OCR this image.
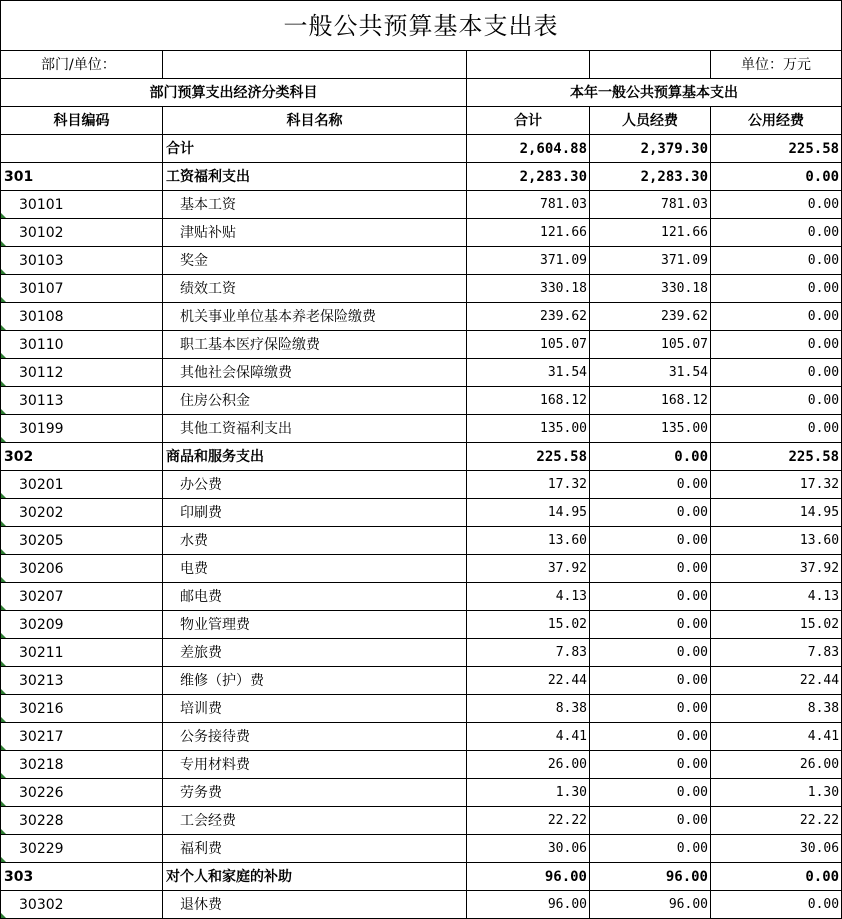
一般公共预算基本支出表				
部门/单位：				单位：万元
部门预算支出经济分类科目		本年一般公共预算基本支出		
科目编码	科目名称	合计	人员经费	公用经费
	合计	2,604.88	2,379.30	225.58
301	工资福利支出	2,283.30	2,283.30	0.00
30101	基本工资	781.03	781.03	0.00
30102	津贴补贴	121.66	121.66	0.00
30103	奖金	371.09	371.09	0.00
30107	绩效工资	330.18	330.18	0.00
30108	机关事业单位基本养老保险缴费	239.62	239.62	0.00
30110	职工基本医疗保险缴费	105.07	105.07	0.00
30112	其他社会保障缴费	31.54	31.54	0.00
30113	住房公积金	168.12	168.12	0.00
30199	其他工资福利支出	135.00	135.00	0.00
302	商品和服务支出	225.58	0.00	225.58
30201	办公费	17.32	0.00	17.32
30202	印刷费	14.95	0.00	14.95
30205	水费	13.60	0.00	13.60
30206	电费	37.92	0.00	37.92
30207	邮电费	4.13	0.00	4.13
30209	物业管理费	15.02	0.00	15.02
30211	差旅费	7.83	0.00	7.83
30213	维修（护）费	22.44	0.00	22.44
30216	培训费	8.38	0.00	8.38
30217	公务接待费	4.41	0.00	4.41
30218	专用材料费	26.00	0.00	26.00
30226	劳务费	1.30	0.00	1.30
30228	工会经费	22.22	0.00	22.22
30229	福利费	30.06	0.00	30.06
303	对个人和家庭的补助	96.00	96.00	0.00
30302	退休费	96.00	96.00	0.00
